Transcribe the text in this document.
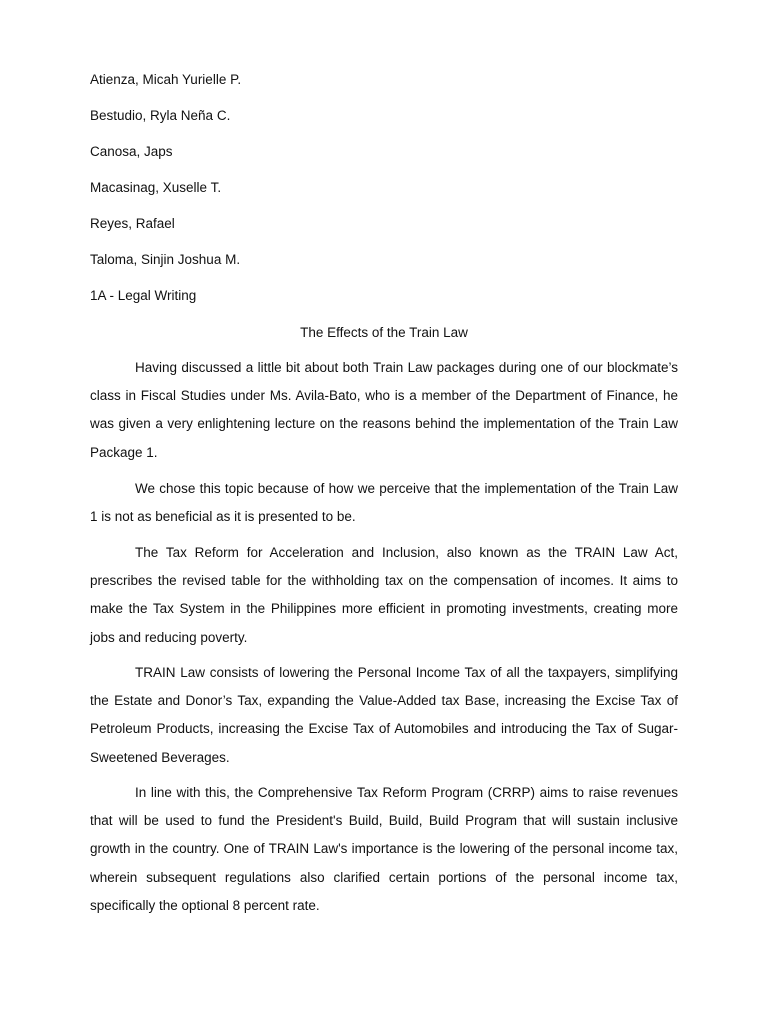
Atienza, Micah Yurielle P.
Bestudio, Ryla Neña C.
Canosa, Japs
Macasinag, Xuselle T.
Reyes, Rafael
Taloma, Sinjin Joshua M.
1A - Legal Writing
The Effects of the Train Law

Having discussed a little bit about both Train Law packages during one of our blockmate’s class in Fiscal Studies under Ms. Avila-Bato, who is a member of the Department of Finance, he was given a very enlightening lecture on the reasons behind the implementation of the Train Law Package 1.

We chose this topic because of how we perceive that the implementation of the Train Law 1 is not as beneficial as it is presented to be.

The Tax Reform for Acceleration and Inclusion, also known as the TRAIN Law Act, prescribes the revised table for the withholding tax on the compensation of incomes. It aims to make the Tax System in the Philippines more efficient in promoting investments, creating more jobs and reducing poverty.

TRAIN Law consists of lowering the Personal Income Tax of all the taxpayers, simplifying the Estate and Donor’s Tax, expanding the Value-Added tax Base, increasing the Excise Tax of Petroleum Products, increasing the Excise Tax of Automobiles and introducing the Tax of Sugar-Sweetened Beverages.

In line with this, the Comprehensive Tax Reform Program (CRRP) aims to raise revenues that will be used to fund the President's Build, Build, Build Program that will sustain inclusive growth in the country. One of TRAIN Law's importance is the lowering of the personal income tax, wherein subsequent regulations also clarified certain portions of the personal income tax, specifically the optional 8 percent rate.
